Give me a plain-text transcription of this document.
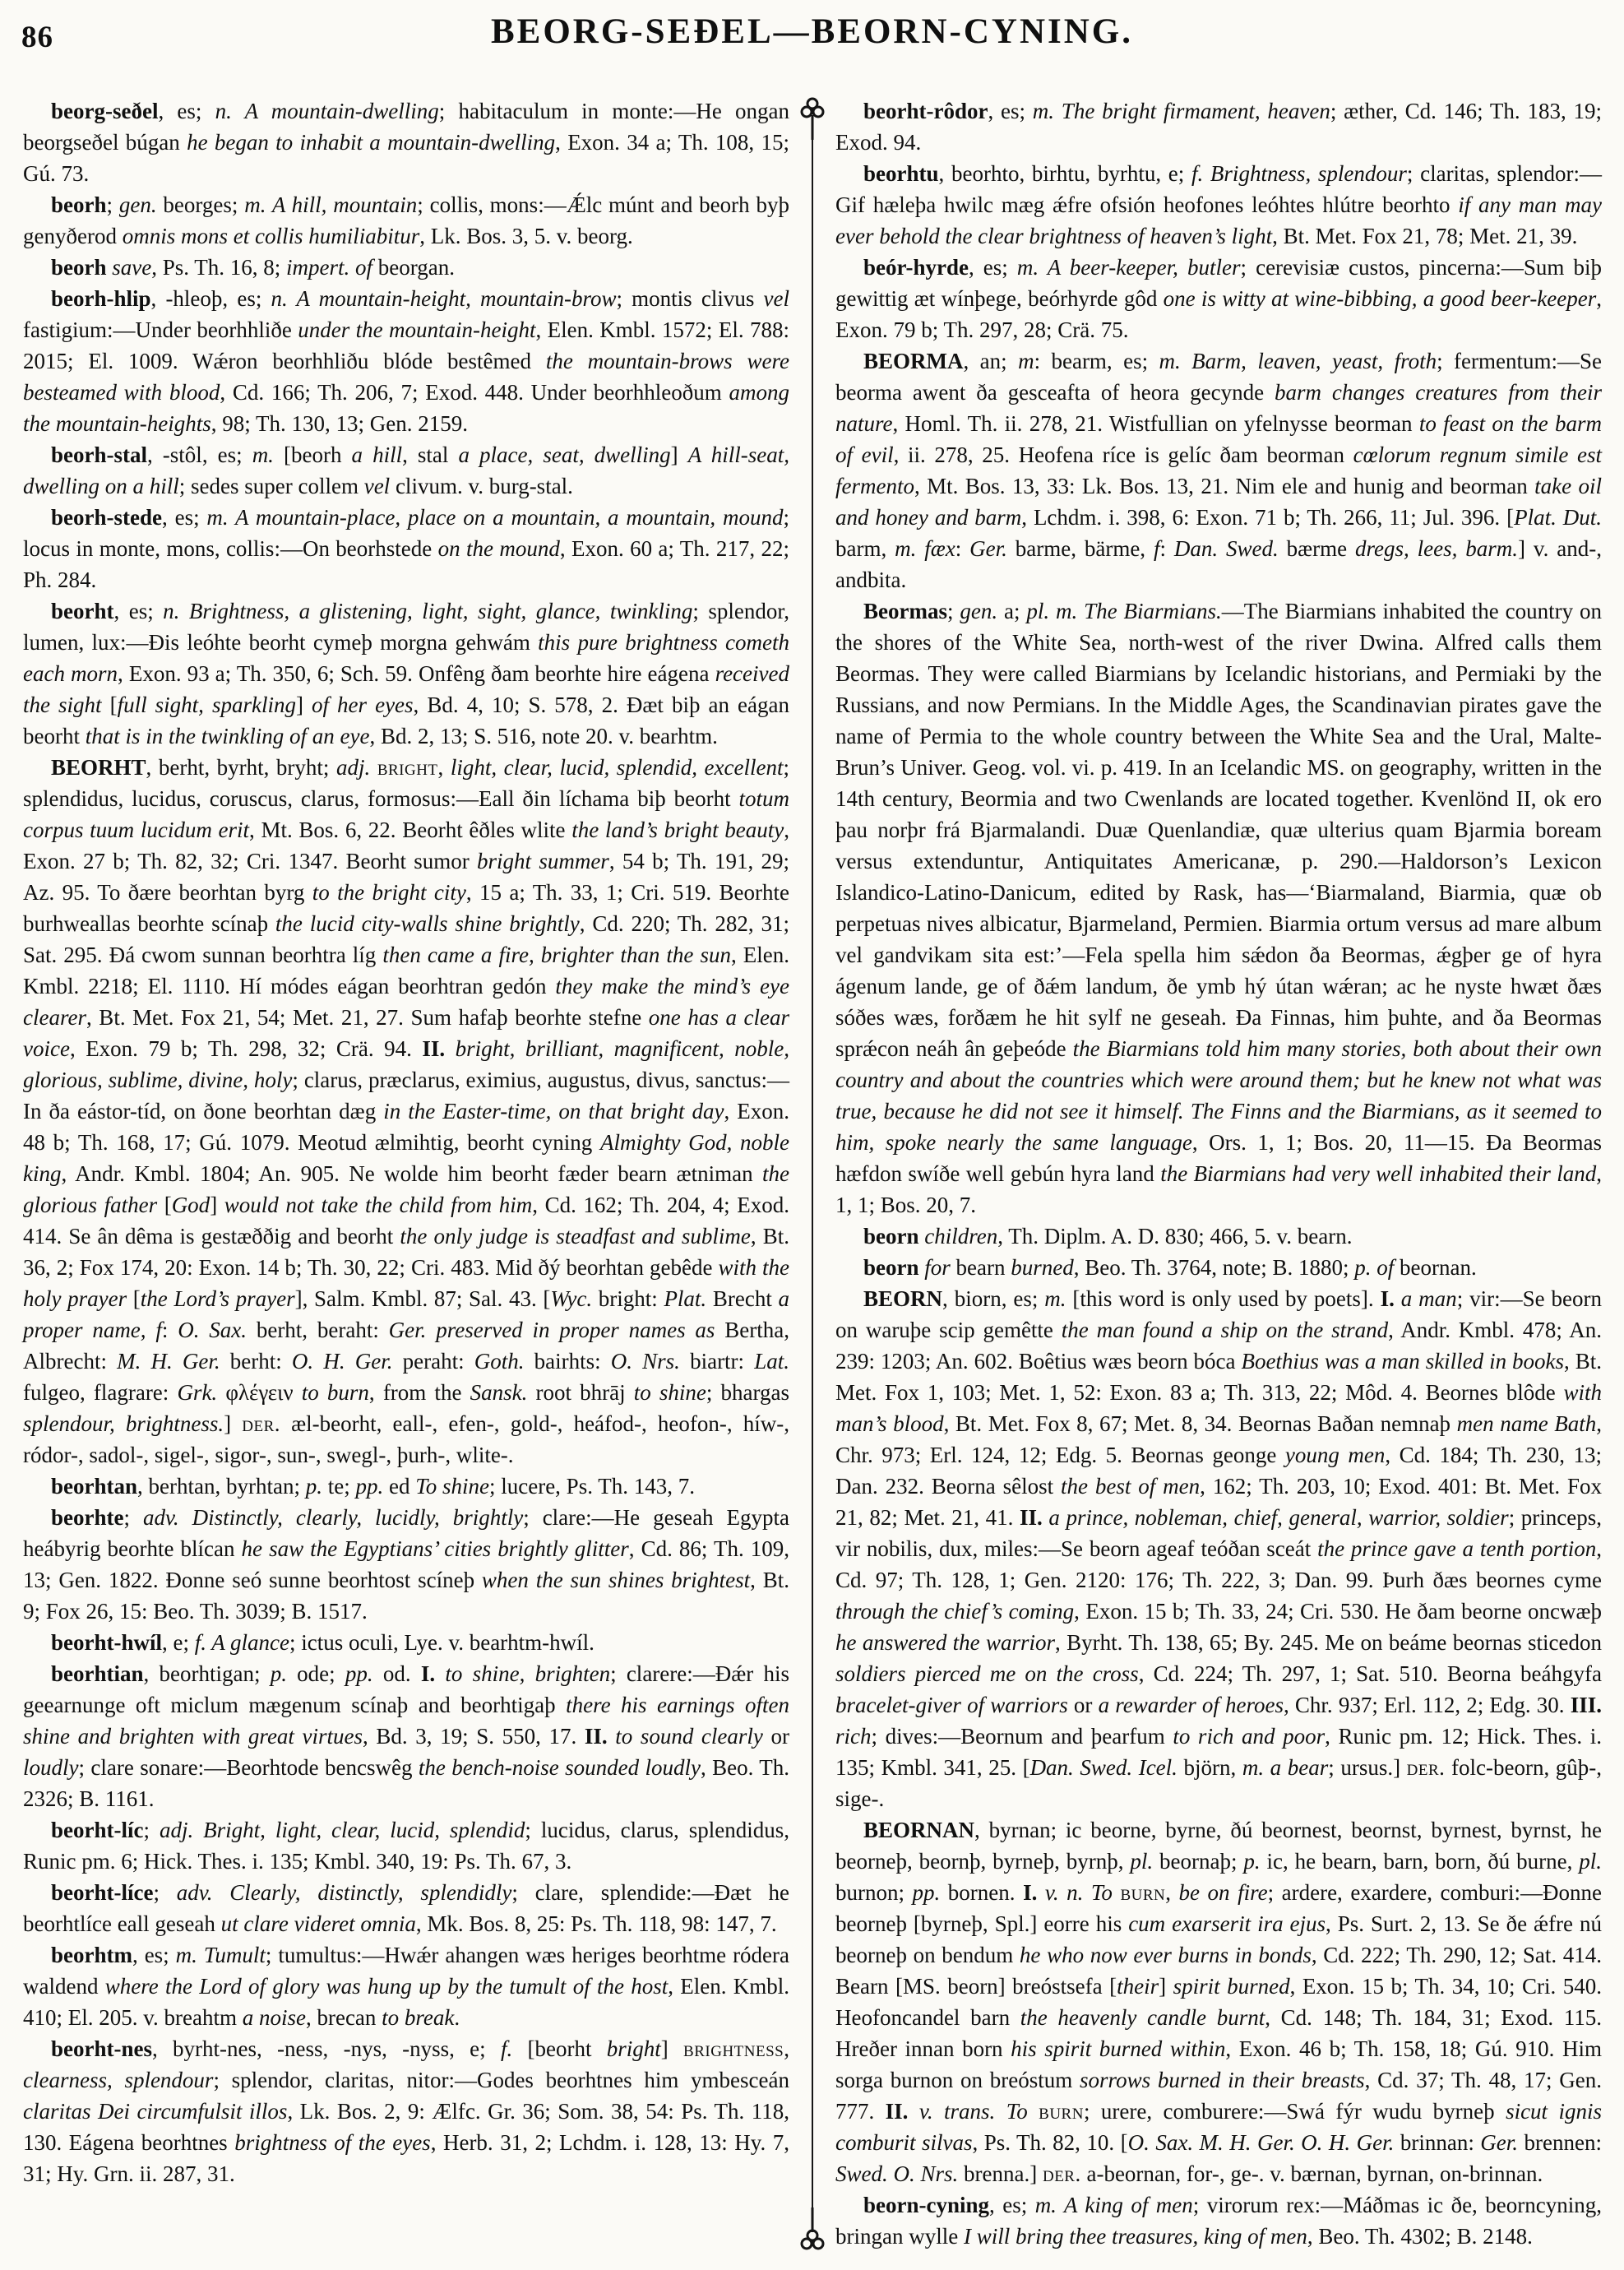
86	BEORG-SEÐEL—BEORN-CYNING.

beorg-seðel, es; n. A mountain-dwelling; habitaculum in monte:—He ongan beorgseðel búgan he began to inhabit a mountain-dwelling, Exon. 34 a; Th. 108, 15; Gú. 73.

beorh; gen. beorges; m. A hill, mountain; collis, mons:—Ǽlc múnt and beorh byþ genyðerod omnis mons et collis humiliabitur, Lk. Bos. 3, 5. v. beorg.

beorh save, Ps. Th. 16, 8; impert. of beorgan.

beorh-hlip, -hleoþ, es; n. A mountain-height, mountain-brow; montis clivus vel fastigium:—Under beorhhliðe under the mountain-height, Elen. Kmbl. 1572; El. 788: 2015; El. 1009. Wǽron beorhhliðu blóde bestêmed the mountain-brows were besteamed with blood, Cd. 166; Th. 206, 7; Exod. 448. Under beorhhleoðum among the mountain-heights, 98; Th. 130, 13; Gen. 2159.

beorh-stal, -stôl, es; m. [beorh a hill, stal a place, seat, dwelling] A hill-seat, dwelling on a hill; sedes super collem vel clivum. v. burg-stal.

beorh-stede, es; m. A mountain-place, place on a mountain, a mountain, mound; locus in monte, mons, collis:—On beorhstede on the mound, Exon. 60 a; Th. 217, 22; Ph. 284.

beorht, es; n. Brightness, a glistening, light, sight, glance, twinkling; splendor, lumen, lux:—Ðis leóhte beorht cymeþ morgna gehwám this pure brightness cometh each morn, Exon. 93 a; Th. 350, 6; Sch. 59. Onfêng ðam beorhte hire eágena received the sight [full sight, sparkling] of her eyes, Bd. 4, 10; S. 578, 2. Ðæt biþ an eágan beorht that is in the twinkling of an eye, Bd. 2, 13; S. 516, note 20. v. bearhtm.

BEORHT, berht, byrht, bryht; adj. bright, light, clear, lucid, splendid, excellent; splendidus, lucidus, coruscus, clarus, formosus:—Eall ðin líchama biþ beorht totum corpus tuum lucidum erit, Mt. Bos. 6, 22. Beorht êðles wlite the land’s bright beauty, Exon. 27 b; Th. 82, 32; Cri. 1347. Beorht sumor bright summer, 54 b; Th. 191, 29; Az. 95. To ðære beorhtan byrg to the bright city, 15 a; Th. 33, 1; Cri. 519. Beorhte burhweallas beorhte scínaþ the lucid city-walls shine brightly, Cd. 220; Th. 282, 31; Sat. 295. Ðá cwom sunnan beorhtra líg then came a fire, brighter than the sun, Elen. Kmbl. 2218; El. 1110. Hí módes eágan beorhtran gedón they make the mind’s eye clearer, Bt. Met. Fox 21, 54; Met. 21, 27. Sum hafaþ beorhte stefne one has a clear voice, Exon. 79 b; Th. 298, 32; Crä. 94. II. bright, brilliant, magnificent, noble, glorious, sublime, divine, holy; clarus, præclarus, eximius, augustus, divus, sanctus:—In ða eástor-tíd, on ðone beorhtan dæg in the Easter-time, on that bright day, Exon. 48 b; Th. 168, 17; Gú. 1079. Meotud ælmihtig, beorht cyning Almighty God, noble king, Andr. Kmbl. 1804; An. 905. Ne wolde him beorht fæder bearn ætniman the glorious father [God] would not take the child from him, Cd. 162; Th. 204, 4; Exod. 414. Se ân dêma is gestæððig and beorht the only judge is steadfast and sublime, Bt. 36, 2; Fox 174, 20: Exon. 14 b; Th. 30, 22; Cri. 483. Mid ðý beorhtan gebêde with the holy prayer [the Lord’s prayer], Salm. Kmbl. 87; Sal. 43. [Wyc. bright: Plat. Brecht a proper name, f: O. Sax. berht, beraht: Ger. preserved in proper names as Bertha, Albrecht: M. H. Ger. berht: O. H. Ger. peraht: Goth. bairhts: O. Nrs. biartr: Lat. fulgeo, flagrare: Grk. φλέγειν to burn, from the Sansk. root bhrāj to shine; bhargas splendour, brightness.] der. æl-beorht, eall-, efen-, gold-, heáfod-, heofon-, híw-, ródor-, sadol-, sigel-, sigor-, sun-, swegl-, þurh-, wlite-.

beorhtan, berhtan, byrhtan; p. te; pp. ed To shine; lucere, Ps. Th. 143, 7.

beorhte; adv. Distinctly, clearly, lucidly, brightly; clare:—He geseah Egypta heábyrig beorhte blícan he saw the Egyptians’ cities brightly glitter, Cd. 86; Th. 109, 13; Gen. 1822. Ðonne seó sunne beorhtost scíneþ when the sun shines brightest, Bt. 9; Fox 26, 15: Beo. Th. 3039; B. 1517.

beorht-hwíl, e; f. A glance; ictus oculi, Lye. v. bearhtm-hwíl.

beorhtian, beorhtigan; p. ode; pp. od. I. to shine, brighten; clarere:—Ðǽr his geearnunge oft miclum mægenum scínaþ and beorhtigaþ there his earnings often shine and brighten with great virtues, Bd. 3, 19; S. 550, 17. II. to sound clearly or loudly; clare sonare:—Beorhtode bencswêg the bench-noise sounded loudly, Beo. Th. 2326; B. 1161.

beorht-líc; adj. Bright, light, clear, lucid, splendid; lucidus, clarus, splendidus, Runic pm. 6; Hick. Thes. i. 135; Kmbl. 340, 19: Ps. Th. 67, 3.

beorht-líce; adv. Clearly, distinctly, splendidly; clare, splendide:—Ðæt he beorhtlíce eall geseah ut clare videret omnia, Mk. Bos. 8, 25: Ps. Th. 118, 98: 147, 7.

beorhtm, es; m. Tumult; tumultus:—Hwǽr ahangen wæs heriges beorhtme ródera waldend where the Lord of glory was hung up by the tumult of the host, Elen. Kmbl. 410; El. 205. v. breahtm a noise, brecan to break.

beorht-nes, byrht-nes, -ness, -nys, -nyss, e; f. [beorht bright] brightness, clearness, splendour; splendor, claritas, nitor:—Godes beorhtnes him ymbesceán claritas Dei circumfulsit illos, Lk. Bos. 2, 9: Ælfc. Gr. 36; Som. 38, 54: Ps. Th. 118, 130. Eágena beorhtnes brightness of the eyes, Herb. 31, 2; Lchdm. i. 128, 13: Hy. 7, 31; Hy. Grn. ii. 287, 31.

beorht-rôdor, es; m. The bright firmament, heaven; æther, Cd. 146; Th. 183, 19; Exod. 94.

beorhtu, beorhto, birhtu, byrhtu, e; f. Brightness, splendour; claritas, splendor:—Gif hæleþa hwilc mæg ǽfre ofsión heofones leóhtes hlútre beorhto if any man may ever behold the clear brightness of heaven’s light, Bt. Met. Fox 21, 78; Met. 21, 39.

beór-hyrde, es; m. A beer-keeper, butler; cerevisiæ custos, pincerna:—Sum biþ gewittig æt wínþege, beórhyrde gôd one is witty at wine-bibbing, a good beer-keeper, Exon. 79 b; Th. 297, 28; Crä. 75.

BEORMA, an; m: bearm, es; m. Barm, leaven, yeast, froth; fermentum:—Se beorma awent ða gesceafta of heora gecynde barm changes creatures from their nature, Homl. Th. ii. 278, 21. Wistfullian on yfelnysse beorman to feast on the barm of evil, ii. 278, 25. Heofena ríce is gelíc ðam beorman cœlorum regnum simile est fermento, Mt. Bos. 13, 33: Lk. Bos. 13, 21. Nim ele and hunig and beorman take oil and honey and barm, Lchdm. i. 398, 6: Exon. 71 b; Th. 266, 11; Jul. 396. [Plat. Dut. barm, m. fæx: Ger. barme, bärme, f: Dan. Swed. bærme dregs, lees, barm.] v. and-, andbita.

Beormas; gen. a; pl. m. The Biarmians.—The Biarmians inhabited the country on the shores of the White Sea, north-west of the river Dwina. Alfred calls them Beormas. They were called Biarmians by Icelandic historians, and Permiaki by the Russians, and now Permians. In the Middle Ages, the Scandinavian pirates gave the name of Permia to the whole country between the White Sea and the Ural, Malte-Brun’s Univer. Geog. vol. vi. p. 419. In an Icelandic MS. on geography, written in the 14th century, Beormia and two Cwenlands are located together. Kvenlönd II, ok ero þau norþr frá Bjarmalandi. Duæ Quenlandiæ, quæ ulterius quam Bjarmia boream versus extenduntur, Antiquitates Americanæ, p. 290.—Haldorson’s Lexicon Islandico-Latino-Danicum, edited by Rask, has—‘Biarmaland, Biarmia, quæ ob perpetuas nives albicatur, Bjarmeland, Permien. Biarmia ortum versus ad mare album vel gandvikam sita est:’—Fela spella him sǽdon ða Beormas, ǽgþer ge of hyra ágenum lande, ge of ðǽm landum, ðe ymb hý útan wǽran; ac he nyste hwæt ðæs sóðes wæs, forðæm he hit sylf ne geseah. Ða Finnas, him þuhte, and ða Beormas sprǽcon neáh ân geþeóde the Biarmians told him many stories, both about their own country and about the countries which were around them; but he knew not what was true, because he did not see it himself. The Finns and the Biarmians, as it seemed to him, spoke nearly the same language, Ors. 1, 1; Bos. 20, 11—15. Ða Beormas hæfdon swíðe well gebún hyra land the Biarmians had very well inhabited their land, 1, 1; Bos. 20, 7.

beorn children, Th. Diplm. A. D. 830; 466, 5. v. bearn.

beorn for bearn burned, Beo. Th. 3764, note; B. 1880; p. of beornan.

BEORN, biorn, es; m. [this word is only used by poets]. I. a man; vir:—Se beorn on waruþe scip gemêtte the man found a ship on the strand, Andr. Kmbl. 478; An. 239: 1203; An. 602. Boêtius wæs beorn bóca Boethius was a man skilled in books, Bt. Met. Fox 1, 103; Met. 1, 52: Exon. 83 a; Th. 313, 22; Môd. 4. Beornes blôde with man’s blood, Bt. Met. Fox 8, 67; Met. 8, 34. Beornas Baðan nemnaþ men name Bath, Chr. 973; Erl. 124, 12; Edg. 5. Beornas geonge young men, Cd. 184; Th. 230, 13; Dan. 232. Beorna sêlost the best of men, 162; Th. 203, 10; Exod. 401: Bt. Met. Fox 21, 82; Met. 21, 41. II. a prince, nobleman, chief, general, warrior, soldier; princeps, vir nobilis, dux, miles:—Se beorn ageaf teóðan sceát the prince gave a tenth portion, Cd. 97; Th. 128, 1; Gen. 2120: 176; Th. 222, 3; Dan. 99. Þurh ðæs beornes cyme through the chief’s coming, Exon. 15 b; Th. 33, 24; Cri. 530. He ðam beorne oncwæþ he answered the warrior, Byrht. Th. 138, 65; By. 245. Me on beáme beornas sticedon soldiers pierced me on the cross, Cd. 224; Th. 297, 1; Sat. 510. Beorna beáhgyfa bracelet-giver of warriors or a rewarder of heroes, Chr. 937; Erl. 112, 2; Edg. 30. III. rich; dives:—Beornum and þearfum to rich and poor, Runic pm. 12; Hick. Thes. i. 135; Kmbl. 341, 25. [Dan. Swed. Icel. björn, m. a bear; ursus.] der. folc-beorn, gûþ-, sige-.

BEORNAN, byrnan; ic beorne, byrne, ðú beornest, beornst, byrnest, byrnst, he beorneþ, beornþ, byrneþ, byrnþ, pl. beornaþ; p. ic, he bearn, barn, born, ðú burne, pl. burnon; pp. bornen. I. v. n. To burn, be on fire; ardere, exardere, comburi:—Ðonne beorneþ [byrneþ, Spl.] eorre his cum exarserit ira ejus, Ps. Surt. 2, 13. Se ðe ǽfre nú beorneþ on bendum he who now ever burns in bonds, Cd. 222; Th. 290, 12; Sat. 414. Bearn [MS. beorn] breóstsefa [their] spirit burned, Exon. 15 b; Th. 34, 10; Cri. 540. Heofoncandel barn the heavenly candle burnt, Cd. 148; Th. 184, 31; Exod. 115. Hreðer innan born his spirit burned within, Exon. 46 b; Th. 158, 18; Gú. 910. Him sorga burnon on breóstum sorrows burned in their breasts, Cd. 37; Th. 48, 17; Gen. 777. II. v. trans. To burn; urere, comburere:—Swá fýr wudu byrneþ sicut ignis comburit silvas, Ps. Th. 82, 10. [O. Sax. M. H. Ger. O. H. Ger. brinnan: Ger. brennen: Swed. O. Nrs. brenna.] der. a-beornan, for-, ge-. v. bærnan, byrnan, on-brinnan.

beorn-cyning, es; m. A king of men; virorum rex:—Máðmas ic ðe, beorncyning, bringan wylle I will bring thee treasures, king of men, Beo. Th. 4302; B. 2148.
